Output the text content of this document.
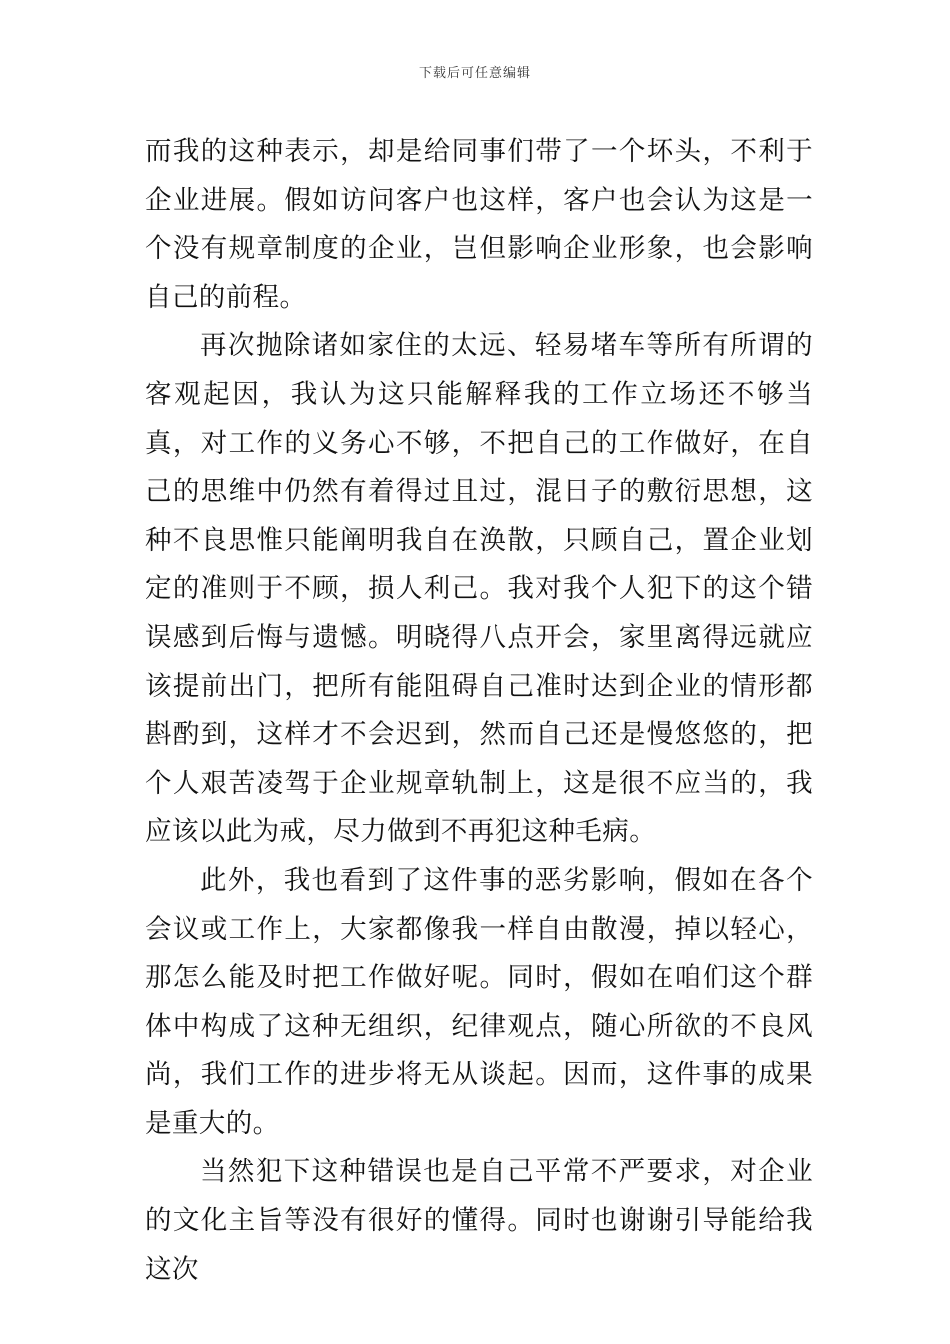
下载后可任意编辑

而我的这种表示，却是给同事们带了一个坏头，不利于企业进展。假如访问客户也这样，客户也会认为这是一个没有规章制度的企业，岂但影响企业形象，也会影响自己的前程。

再次抛除诸如家住的太远、轻易堵车等所有所谓的客观起因，我认为这只能解释我的工作立场还不够当真，对工作的义务心不够，不把自己的工作做好，在自己的思维中仍然有着得过且过，混日子的敷衍思想，这种不良思惟只能阐明我自在涣散，只顾自己，置企业划定的准则于不顾，损人利己。我对我个人犯下的这个错误感到后悔与遗憾。明晓得八点开会，家里离得远就应该提前出门，把所有能阻碍自己准时达到企业的情形都斟酌到，这样才不会迟到，然而自己还是慢悠悠的，把个人艰苦凌驾于企业规章轨制上，这是很不应当的，我应该以此为戒，尽力做到不再犯这种毛病。

此外，我也看到了这件事的恶劣影响，假如在各个会议或工作上，大家都像我一样自由散漫，掉以轻心，那怎么能及时把工作做好呢。同时，假如在咱们这个群体中构成了这种无组织，纪律观点，随心所欲的不良风尚，我们工作的进步将无从谈起。因而，这件事的成果是重大的。

当然犯下这种错误也是自己平常不严要求，对企业的文化主旨等没有很好的懂得。同时也谢谢引导能给我这次
